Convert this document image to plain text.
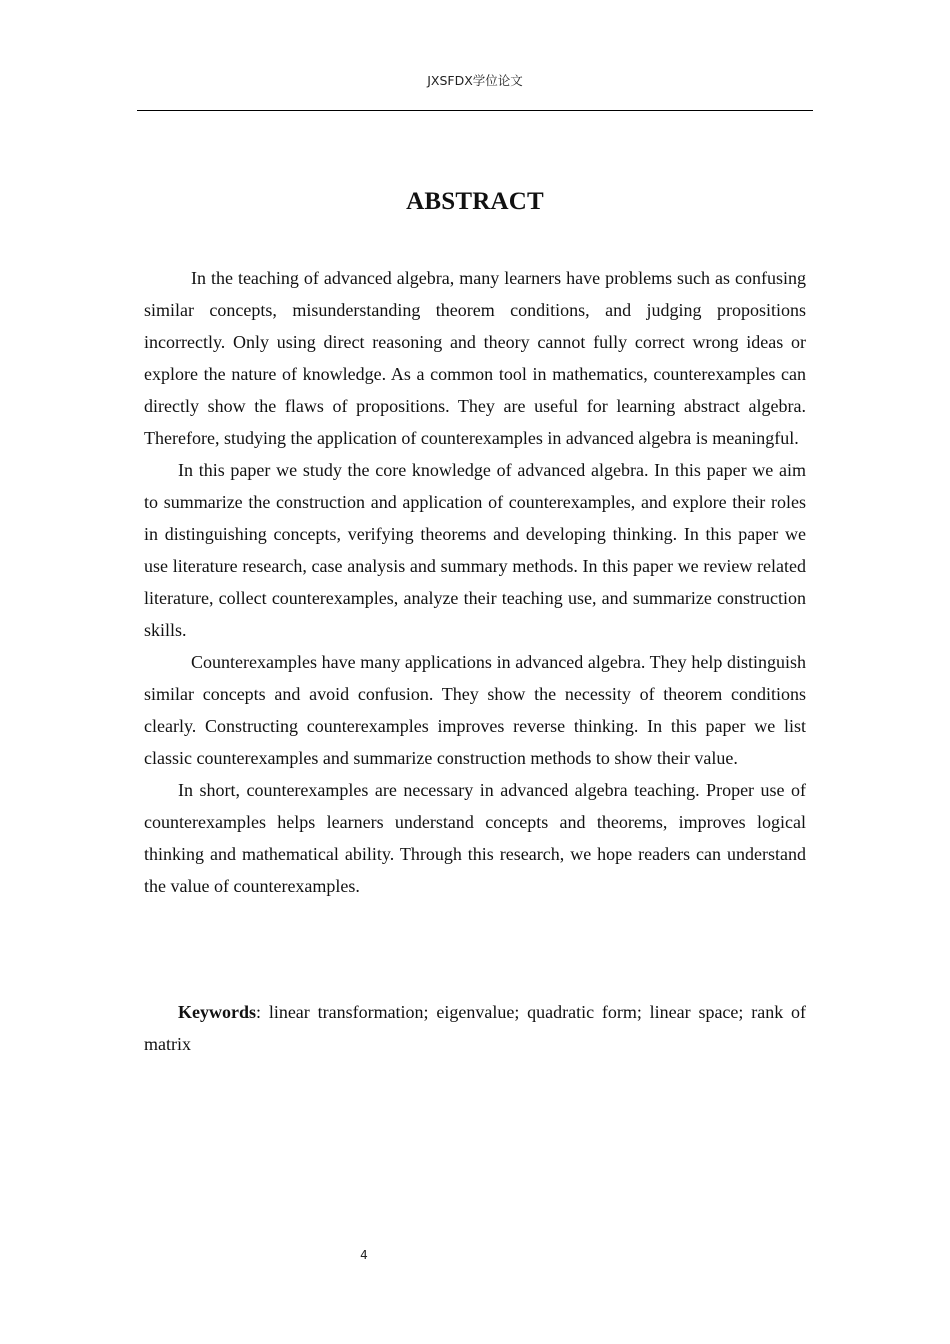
JXSFDX学位论文
ABSTRACT

In the teaching of advanced algebra, many learners have problems such as confusing similar concepts, misunderstanding theorem conditions, and judging propositions incorrectly. Only using direct reasoning and theory cannot fully correct wrong ideas or explore the nature of knowledge. As a common tool in mathematics, counterexamples can directly show the flaws of propositions. They are useful for learning abstract algebra. Therefore, studying the application of counterexamples in advanced algebra is meaningful.

In this paper we study the core knowledge of advanced algebra. In this paper we aim to summarize the construction and application of counterexamples, and explore their roles in distinguishing concepts, verifying theorems and developing thinking. In this paper we use literature research, case analysis and summary methods. In this paper we review related literature, collect counterexamples, analyze their teaching use, and summarize construction skills.

Counterexamples have many applications in advanced algebra. They help distinguish similar concepts and avoid confusion. They show the necessity of theorem conditions clearly. Constructing counterexamples improves reverse thinking. In this paper we list classic counterexamples and summarize construction methods to show their value.

In short, counterexamples are necessary in advanced algebra teaching. Proper use of counterexamples helps learners understand concepts and theorems, improves logical thinking and mathematical ability. Through this research, we hope readers can understand the value of counterexamples.

Keywords: linear transformation; eigenvalue; quadratic form; linear space; rank of matrix

4
